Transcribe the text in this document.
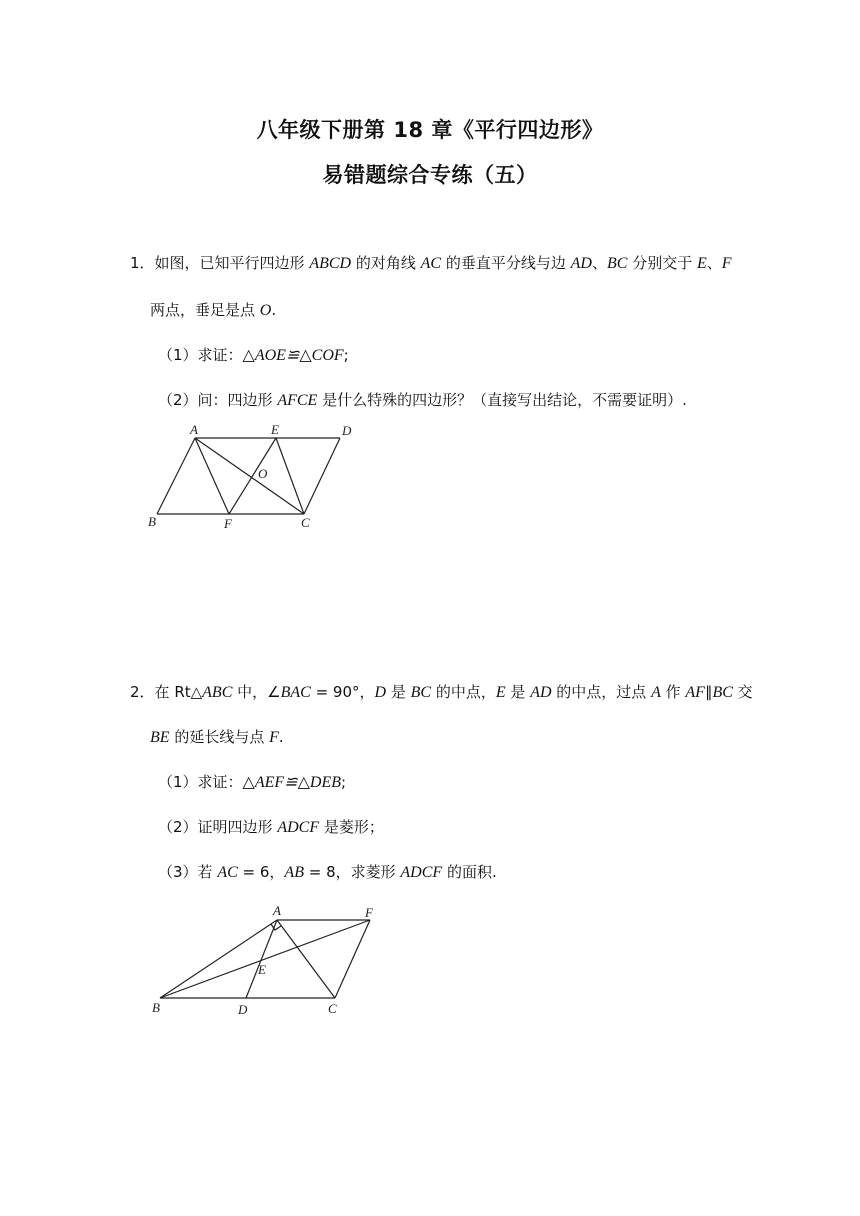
八年级下册第 18 章《平行四边形》
易错题综合专练（五）
1．如图，已知平行四边形 ABCD 的对角线 AC 的垂直平分线与边 AD、BC 分别交于 E、F
两点，垂足是点 O.
（1）求证：△AOE≌△COF;
（2）问：四边形 AFCE 是什么特殊的四边形？（直接写出结论，不需要证明）.
A	E	D
O
B	F	C
2．在 Rt△ABC 中，∠BAC = 90°，D 是 BC 的中点，E 是 AD 的中点，过点 A 作 AF∥BC 交
BE 的延长线与点 F.
（1）求证：△AEF≌△DEB;
（2）证明四边形 ADCF 是菱形；
（3）若 AC = 6，AB = 8，求菱形 ADCF 的面积.
A	F
E
B	D	C
